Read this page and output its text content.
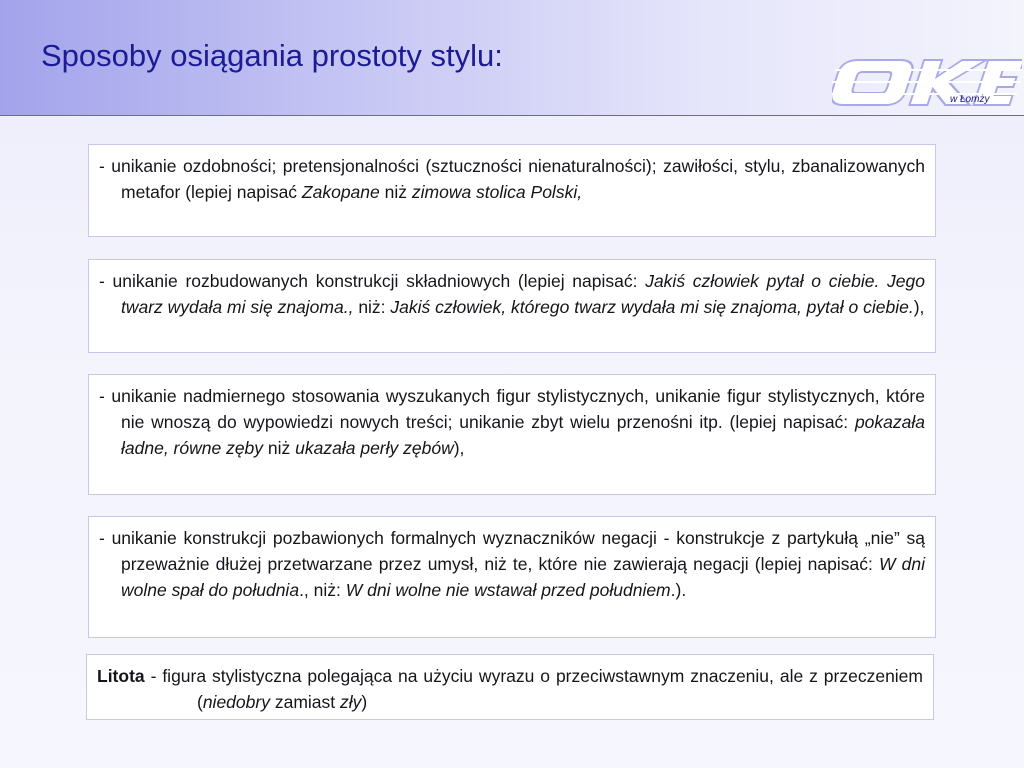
Sposoby osiągania prostoty stylu:
w Łomży

- unikanie ozdobności; pretensjonalności (sztuczności nienaturalności); zawiłości, stylu, zbanalizowanych metafor (lepiej napisać Zakopane niż zimowa stolica Polski,

- unikanie rozbudowanych konstrukcji składniowych (lepiej napisać: Jakiś człowiek pytał o ciebie. Jego twarz wydała mi się znajoma., niż: Jakiś człowiek, którego twarz wydała mi się znajoma, pytał o ciebie.),

- unikanie nadmiernego stosowania wyszukanych figur stylistycznych, unikanie figur stylistycznych, które nie wnoszą do wypowiedzi nowych treści; unikanie zbyt wielu przenośni itp. (lepiej napisać: pokazała ładne, równe zęby niż ukazała perły zębów),

- unikanie konstrukcji pozbawionych formalnych wyznaczników negacji - konstrukcje z partykułą „nie” są przeważnie dłużej przetwarzane przez umysł, niż te, które nie zawierają negacji (lepiej napisać: W dni wolne spał do południa., niż: W dni wolne nie wstawał przed południem.).

Litota - figura stylistyczna polegająca na użyciu wyrazu o przeciwstawnym znaczeniu, ale z przeczeniem (niedobry zamiast zły)
